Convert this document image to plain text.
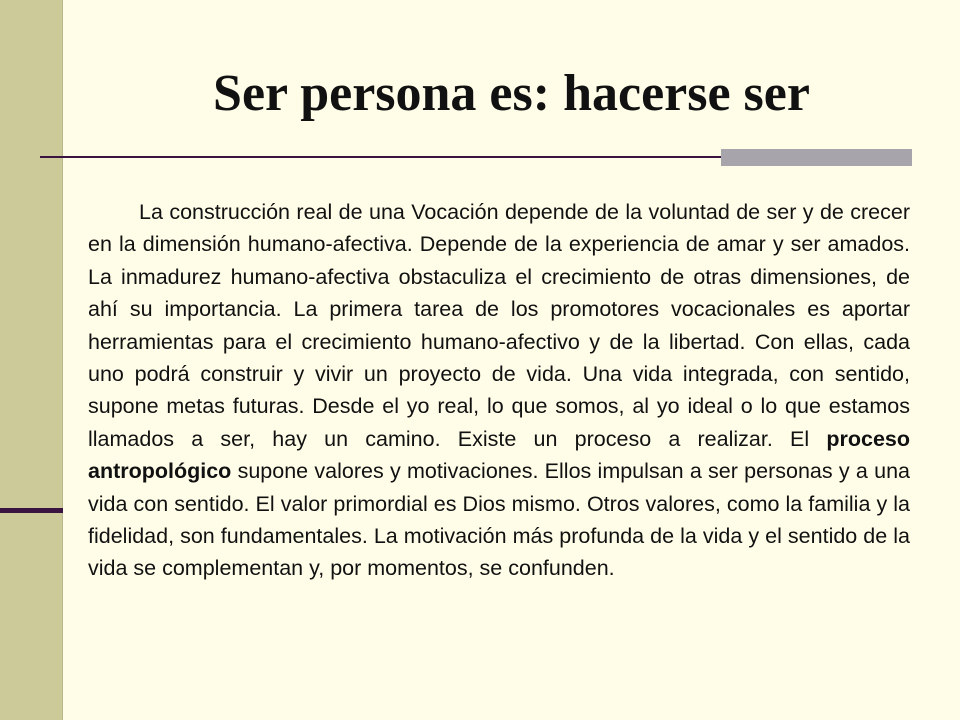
Ser persona es: hacerse ser

La construcción real de una Vocación depende de la voluntad de ser y de crecer en la dimensión humano-afectiva. Depende de la experiencia de amar y ser amados. La inmadurez humano-afectiva obstaculiza el crecimiento de otras dimensiones, de ahí su importancia. La primera tarea de los promotores vocacionales es aportar herramientas para el crecimiento humano-afectivo y de la libertad. Con ellas, cada uno podrá construir y vivir un proyecto de vida. Una vida integrada, con sentido, supone metas futuras. Desde el yo real, lo que somos, al yo ideal o lo que estamos llamados a ser, hay un camino. Existe un proceso a realizar. El proceso antropológico supone valores y motivaciones. Ellos impulsan a ser personas y a una vida con sentido. El valor primordial es Dios mismo. Otros valores, como la familia y la fidelidad, son fundamentales. La motivación más profunda de la vida y el sentido de la vida se complementan y, por momentos, se confunden.
